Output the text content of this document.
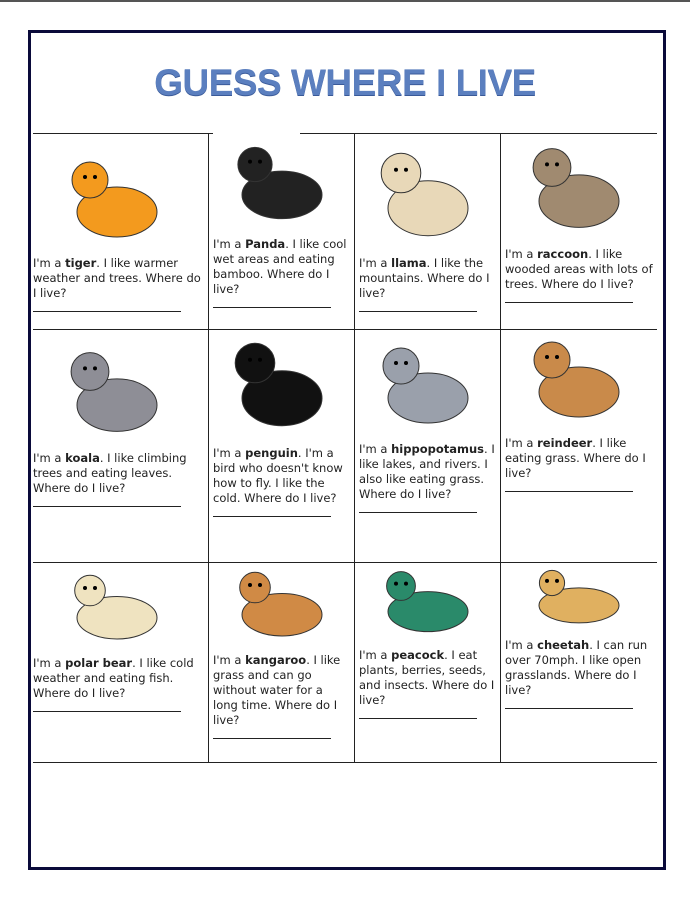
GUESS WHERE I LIVE
I'm a tiger. I like warmer weather and trees. Where do I live?
I'm a Panda. I like cool wet areas and eating bamboo. Where do I live?
I'm a llama. I like the mountains. Where do I live?
I'm a raccoon. I like wooded areas with lots of trees. Where do I live?
I'm a koala. I like climbing trees and eating leaves. Where do I live?
I'm a penguin. I'm a bird who doesn't know how to fly. I like the cold. Where do I live?
I'm a hippopotamus. I like lakes, and rivers. I also like eating grass. Where do I live?
I'm a reindeer. I like eating grass. Where do I live?
I'm a polar bear. I like cold weather and eating fish. Where do I live?
I'm a kangaroo. I like grass and can go without water for a long time. Where do I live?
I'm a peacock. I eat plants, berries, seeds, and insects. Where do I live?
I'm a cheetah. I can run over 70mph. I like open grasslands. Where do I live?
